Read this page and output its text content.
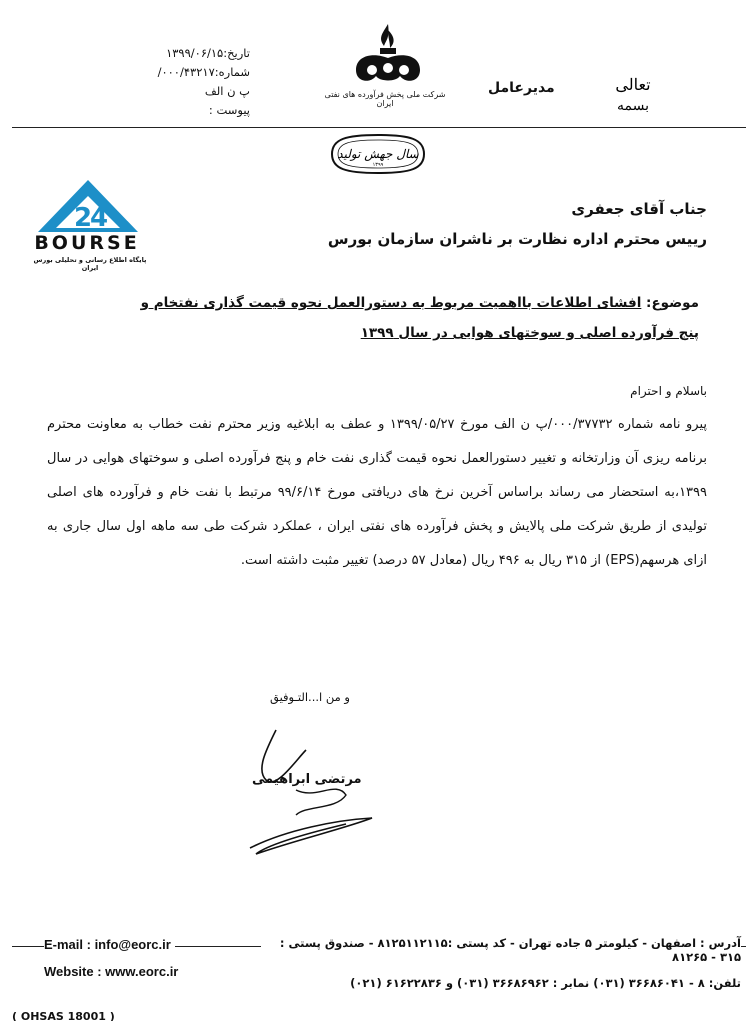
تاریخ:۱۳۹۹/۰۶/۱۵
شماره:۰۰۰/۴۳۲۱۷/پ ن الف
پیوست :
شرکت ملی پخش فرآورده های نفتی ایران
مدیرعامل	تعالی
بسمه
سال جهش تولید
۱۳۹۹
2
4
BOURSE
پایگاه اطلاع رسانی و تحلیلی بورس ایران
جناب آقای جعفری
رییس محترم اداره نظارت بر ناشران سازمان بورس
موضوع: افشای اطلاعات بااهمیت مربوط به دستورالعمل نحوه قیمت گذاری نفتخام و
پنج فرآورده اصلی و سوختهای هوایی در سال ۱۳۹۹
باسلام و احترام
پیرو نامه شماره ۰۰۰/۳۷۷۳۲/پ ن الف مورخ ۱۳۹۹/۰۵/۲۷ و عطف به ابلاغیه وزیر محترم نفت خطاب به معاونت محترم برنامه ریزی آن وزارتخانه و تغییر دستورالعمل نحوه قیمت گذاری نفت خام و پنج فرآورده اصلی و سوختهای هوایی در سال ۱۳۹۹،به استحضار می رساند براساس آخرین نرخ های دریافتی مورخ ۹۹/۶/۱۴ مرتبط با نفت خام و فرآورده های اصلی تولیدی از طریق شرکت ملی پالایش و پخش فرآورده های نفتی ایران ، عملکرد شرکت طی سه ماهه اول سال جاری به ازای هرسهم(EPS) از ۳۱۵ ریال به ۴۹۶ ریال (معادل ۵۷ درصد) تغییر مثبت داشته است.
و من ا...التـوفیق
مرتضی ابراهیمی
E-mail : info@eorc.ir
Website : www.eorc.ir
آدرس : اصفهان - کیلومتر ۵ جاده تهران - کد پستی :۸۱۲۵۱۱۲۱۱۵ - صندوق پستی : ۳۱۵ - ۸۱۲۶۵
تلفن: ۸ - ۳۶۶۸۶۰۴۱ (۰۳۱) نمابر : ۳۶۶۸۶۹۶۲ (۰۳۱) و ۶۱۶۲۲۸۳۶ (۰۲۱)
( OHSAS 18001 )
